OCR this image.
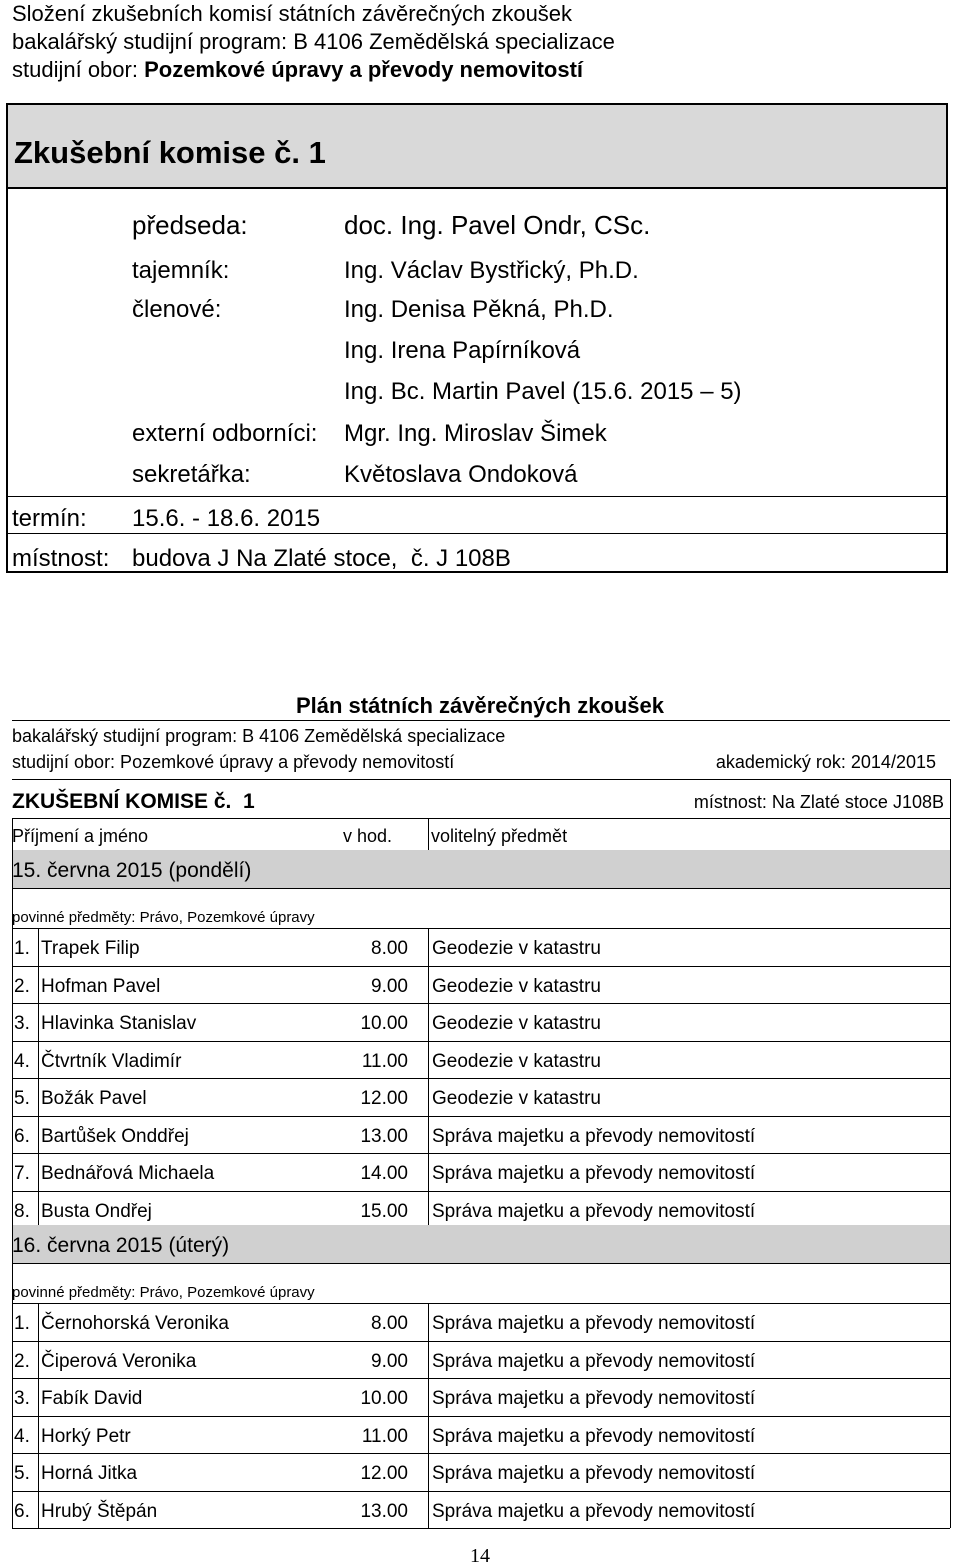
Složení zkušebních komisí státních závěrečných zkoušek
bakalářský studijní program: B 4106 Zemědělská specializace
studijní obor: Pozemkové úpravy a převody nemovitostí
Zkušební komise č. 1
předseda:	doc. Ing. Pavel Ondr, CSc.
tajemník:	Ing. Václav Bystřický, Ph.D.
členové:	Ing. Denisa Pěkná, Ph.D.
Ing. Irena Papírníková
Ing. Bc. Martin Pavel (15.6. 2015 – 5)
externí odborníci: Mgr. Ing. Miroslav Šimek
sekretářka:	Květoslava Ondoková
termín: 15.6. - 18.6. 2015
místnost: budova J Na Zlaté stoce,  č. J 108B
Plán státních závěrečných zkoušek
bakalářský studijní program: B 4106 Zemědělská specializace
studijní obor: Pozemkové úpravy a převody nemovitostí	akademický rok: 2014/2015
ZKUŠEBNÍ KOMISE č.  1	místnost: Na Zlaté stoce J108B
Příjmení a jméno	v hod. volitelný předmět
15. června 2015 (pondělí)
povinné předměty: Právo, Pozemkové úpravy
1. Trapek Filip	8.00 Geodezie v katastru
2. Hofman Pavel	9.00 Geodezie v katastru
3. Hlavinka Stanislav	10.00 Geodezie v katastru
4. Čtvrtník Vladimír	11.00 Geodezie v katastru
5. Božák Pavel	12.00 Geodezie v katastru
6. Bartůšek Onddřej	13.00 Správa majetku a převody nemovitostí
7. Bednářová Michaela	14.00 Správa majetku a převody nemovitostí
8. Busta Ondřej	15.00 Správa majetku a převody nemovitostí
16. června 2015 (úterý)
povinné předměty: Právo, Pozemkové úpravy
1. Černohorská Veronika	8.00 Správa majetku a převody nemovitostí
2. Čiperová Veronika	9.00 Správa majetku a převody nemovitostí
3. Fabík David	10.00 Správa majetku a převody nemovitostí
4. Horký Petr	11.00 Správa majetku a převody nemovitostí
5. Horná Jitka	12.00 Správa majetku a převody nemovitostí
6. Hrubý Štěpán	13.00 Správa majetku a převody nemovitostí
14
